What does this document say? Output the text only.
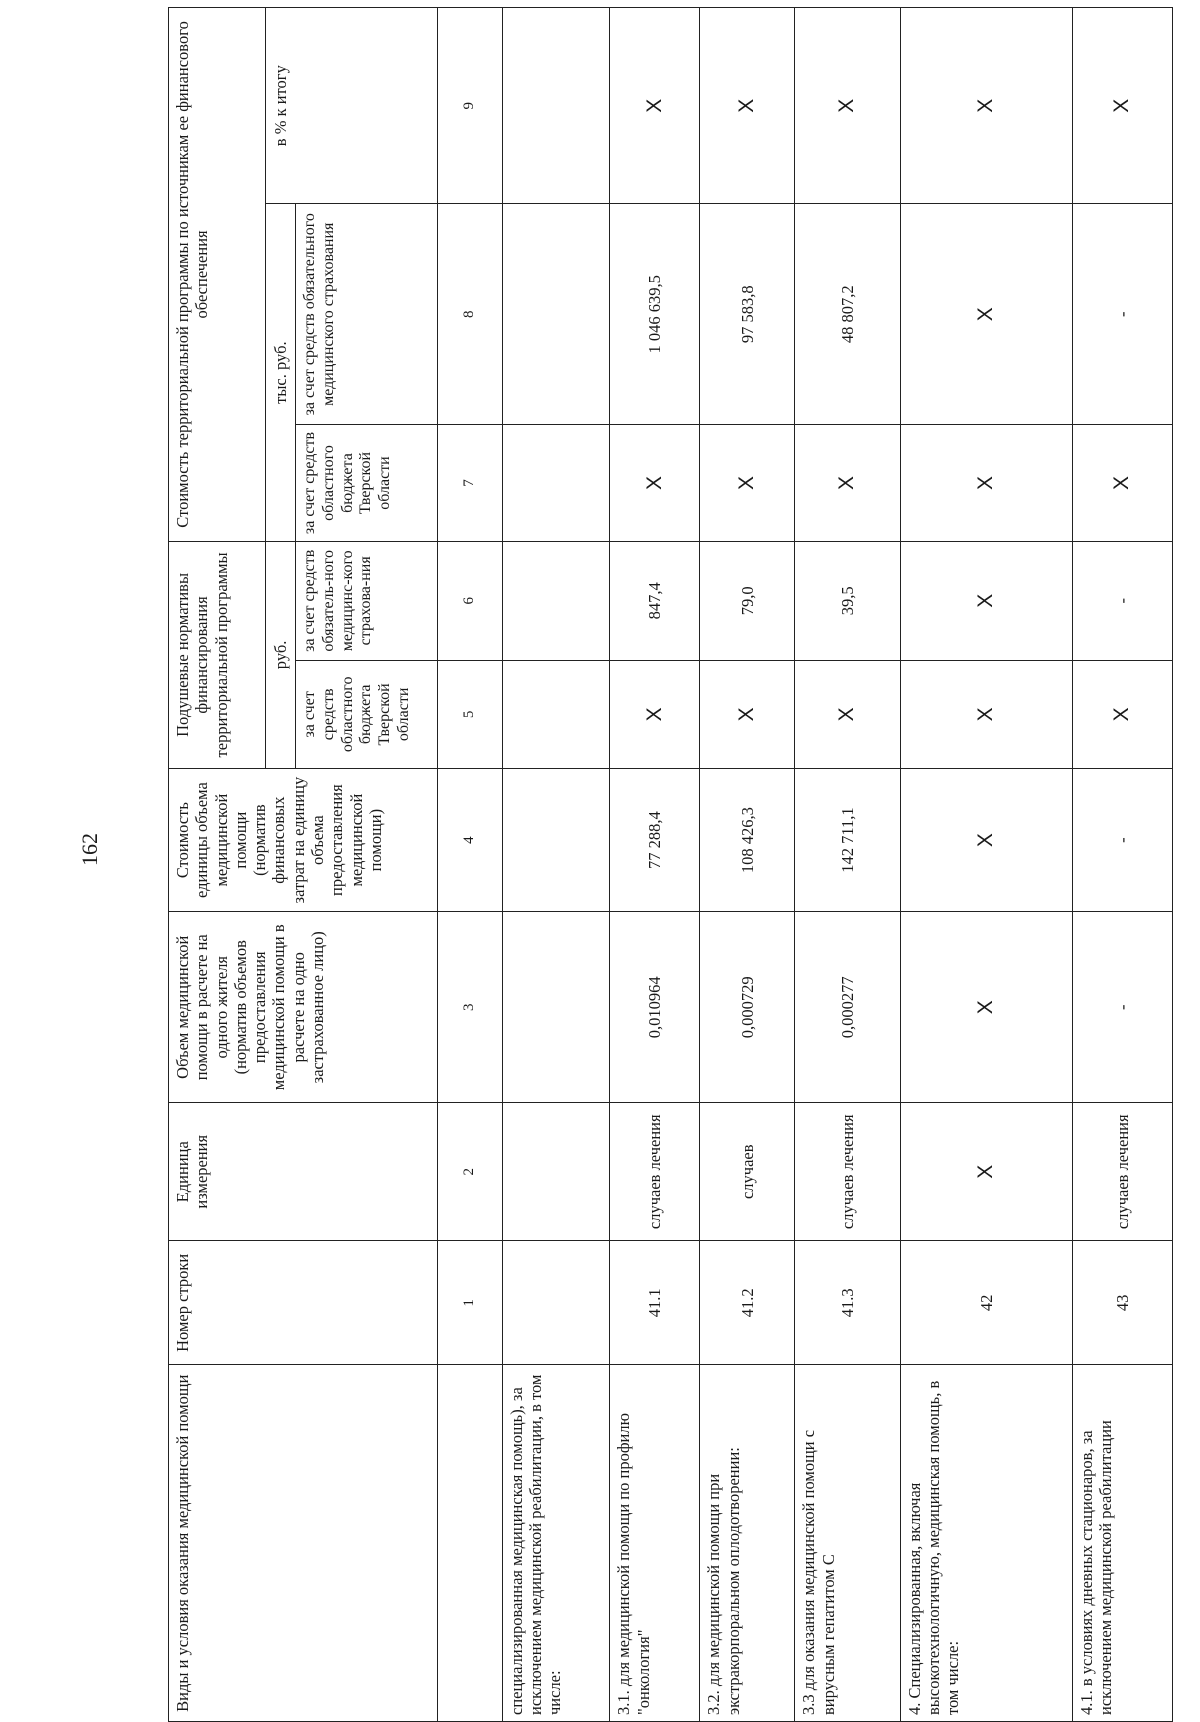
162
Виды и условия оказания медицинской помощи	Номер строки	Единица измерения	Объем медицинской помощи в расчете на одного жителя (норматив объемов предоставления медицинской помощи в расчете на одно застрахованное лицо)	Стоимость единицы объема медицинской помощи (норматив финансовых затрат на единицу объема предоставления медицинской помощи)	Подушевые нормативы финансирования территориальной программы		Стоимость территориальной программы по источникам ее финансового обеспечения		
					руб.		тыс. руб.		в % к итогу
					за счет средств областного бюджета Тверской области	за счет средств обязатель-ного медицинс-кого страхова-ния	за счет средств областного бюджета Тверской области	за счет средств обязательного медицинского страхования	
	1	2	3	4	5	6	7	8	9
специализированная медицинская помощь), за исключением медицинской реабилитации, в том числе:									
3.1. для медицинской помощи по профилю "онкология"	41.1	случаев лечения	0,010964	77 288,4	Х	847,4	Х	1 046 639,5	Х
3.2. для медицинской помощи при экстракорпоральном оплодотворении:	41.2	случаев	0,000729	108 426,3	Х	79,0	Х	97 583,8	Х
3.3 для оказания медицинской помощи с вирусным гепатитом С	41.3	случаев лечения	0,000277	142 711,1	Х	39,5	Х	48 807,2	Х
4. Специализированная, включая высокотехнологичную, медицинская помощь, в том числе:	42	Х	Х	Х	Х	Х	Х	Х	Х
4.1. в условиях дневных стационаров, за исключением медицинской реабилитации	43	случаев лечения	-	-	Х	-	Х	-	Х
